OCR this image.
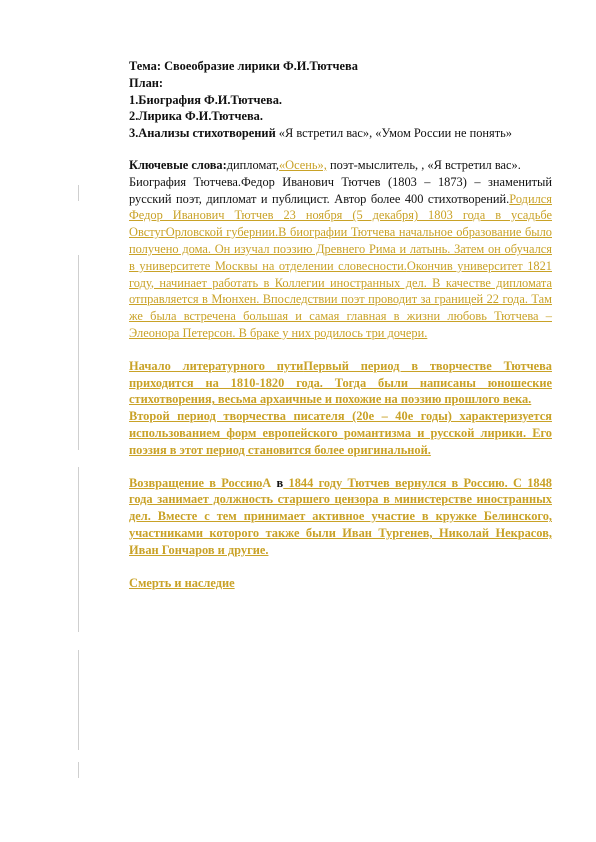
Тема: Своеобразие лирики Ф.И.Тютчева

План:

1.Биография Ф.И.Тютчева.

2.Лирика Ф.И.Тютчева.

3.Анализы стихотворений «Я встретил вас», «Умом России не понять»

Ключевые слова:дипломат,«Осень», поэт-мыслитель, , «Я встретил вас».

Биография Тютчева.Федор Иванович Тютчев (1803 – 1873) – знаменитый русский поэт, дипломат и публицист. Автор более 400 стихотворений.Родился Федор Иванович Тютчев 23 ноября (5 декабря) 1803 года в усадьбе ОвстугОрловской губернии.В биографии Тютчева начальное образование было получено дома. Он изучал поэзию Древнего Рима и латынь. Затем он обучался в университете Москвы на отделении словесности.Окончив университет 1821 году, начинает работать в Коллегии иностранных дел. В качестве дипломата отправляется в Мюнхен. Впоследствии поэт проводит за границей 22 года. Там же была встречена большая и самая главная в жизни любовь Тютчева – Элеонора Петерсон. В браке у них родилось три дочери.

Начало литературного путиПервый период в творчестве Тютчева приходится на 1810-1820 года. Тогда были написаны юношеские стихотворения, весьма архаичные и похожие на поэзию прошлого века.

Второй период творчества писателя (20е – 40е годы) характеризуется использованием форм европейского романтизма и русской лирики. Его поэзия в этот период становится более оригинальной.

Возвращение в РоссиюА в 1844 году Тютчев вернулся в Россию. С 1848 года занимает должность старшего цензора в министерстве иностранных дел. Вместе с тем принимает активное участие в кружке Белинского, участниками которого также были Иван Тургенев, Николай Некрасов, Иван Гончаров и другие.

Смерть и наследие
